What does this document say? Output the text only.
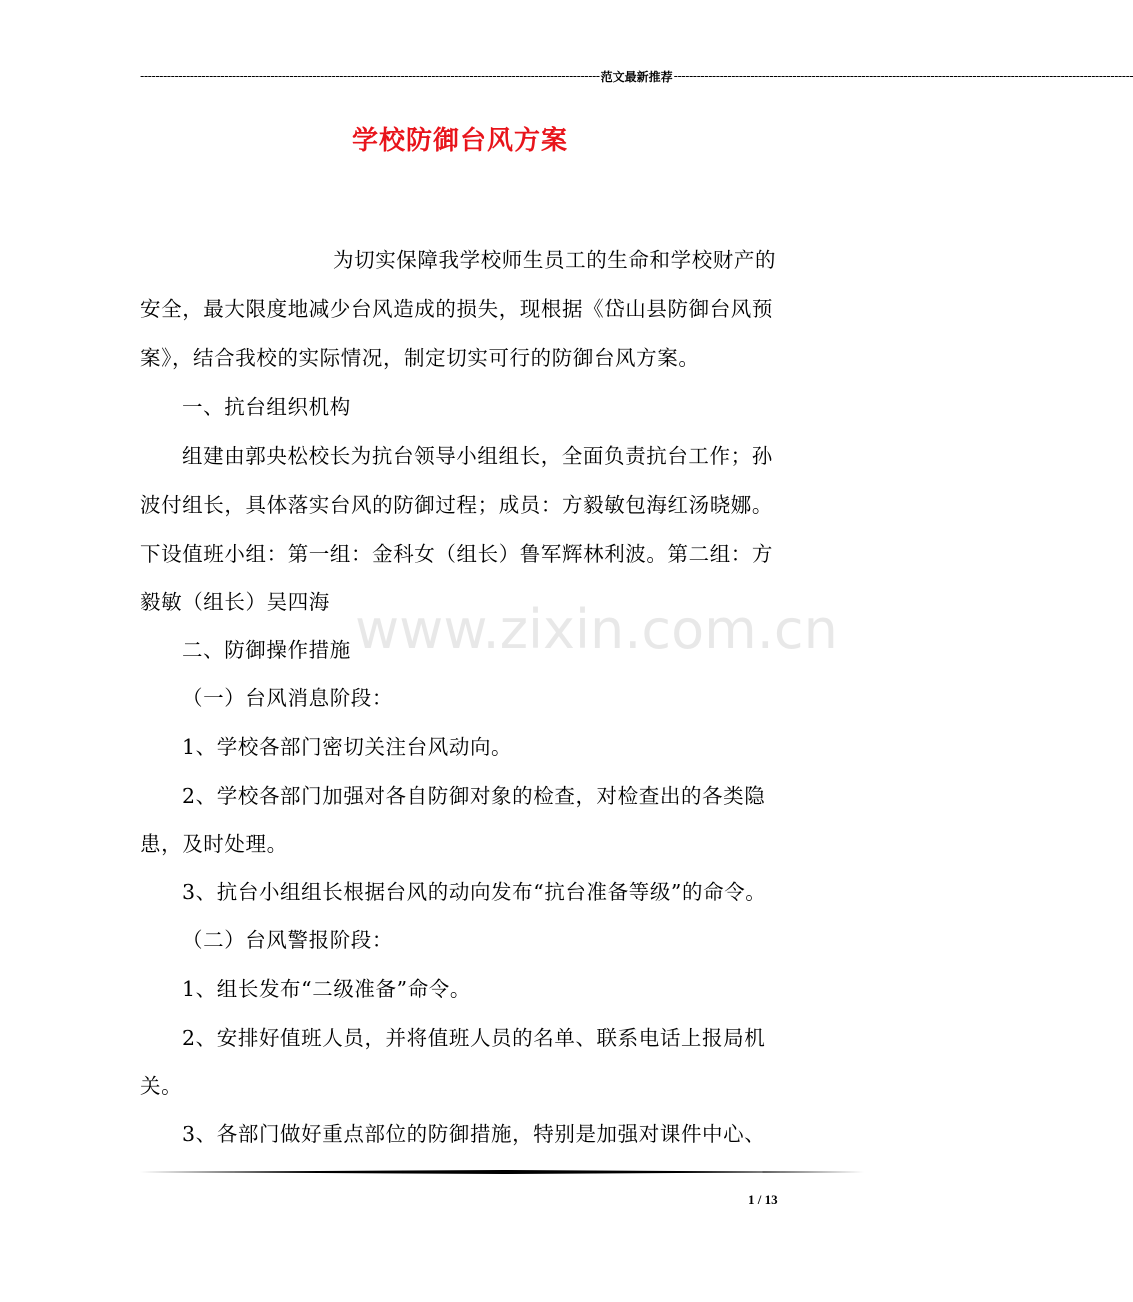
------------------------------------------------------------------------------------------------------------------------ 范文最新推荐 ------------------------------------------------------------------------------------------------------------------------
学校防御台风方案
www.zixin.com.cn
为切实保障我学校师生员工的生命和学校财产的
安全，最大限度地减少台风造成的损失，现根据《岱山县防御台风预
案》，结合我校的实际情况，制定切实可行的防御台风方案。
一、抗台组织机构
组建由郭央松校长为抗台领导小组组长，全面负责抗台工作；孙
波付组长，具体落实台风的防御过程；成员：方毅敏包海红汤晓娜。
下设值班小组：第一组：金科女（组长）鲁军辉林利波。第二组：方
毅敏（组长）吴四海
二、防御操作措施
（一）台风消息阶段：
1、学校各部门密切关注台风动向。
2、学校各部门加强对各自防御对象的检查，对检查出的各类隐
患，及时处理。
3、抗台小组组长根据台风的动向发布“抗台准备等级”的命令。
（二）台风警报阶段：
1、组长发布“二级准备”命令。
2、安排好值班人员，并将值班人员的名单、联系电话上报局机
关。
3、各部门做好重点部位的防御措施，特别是加强对课件中心、
1 / 13
